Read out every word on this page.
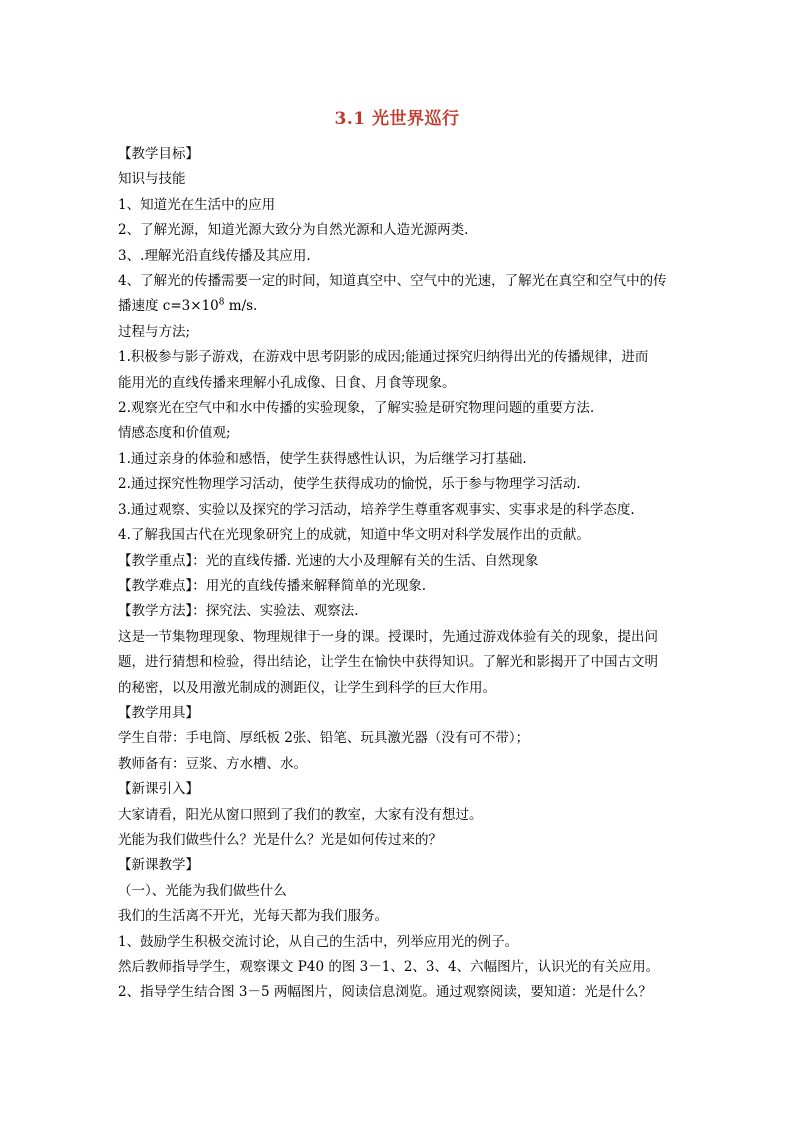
3.1 光世界巡行
【教学目标】
知识与技能
1、知道光在生活中的应用
2、了解光源，知道光源大致分为自然光源和人造光源两类.
3、.理解光沿直线传播及其应用.
4、了解光的传播需要一定的时间，知道真空中、空气中的光速，了解光在真空和空气中的传
播速度 $c=3\times 10^8$ m/s.
过程与方法;
1.积极参与影子游戏，在游戏中思考阴影的成因;能通过探究归纳得出光的传播规律，进而
能用光的直线传播来理解小孔成像、日食、月食等现象。
2.观察光在空气中和水中传播的实验现象，了解实验是研究物理问题的重要方法.
情感态度和价值观;
1.通过亲身的体验和感悟，使学生获得感性认识，为后继学习打基础.
2.通过探究性物理学习活动，使学生获得成功的愉悦，乐于参与物理学习活动.
3.通过观察、实验以及探究的学习活动，培养学生尊重客观事实、实事求是的科学态度.
4.了解我国古代在光现象研究上的成就，知道中华文明对科学发展作出的贡献。
【教学重点】：光的直线传播. 光速的大小及理解有关的生活、自然现象
【教学难点】：用光的直线传播来解释简单的光现象.
【教学方法】：探究法、实验法、观察法.
这是一节集物理现象、物理规律于一身的课。授课时，先通过游戏体验有关的现象，提出问
题，进行猜想和检验，得出结论，让学生在愉快中获得知识。了解光和影揭开了中国古文明
的秘密，以及用激光制成的测距仪，让学生到科学的巨大作用。
【教学用具】
学生自带：手电筒、厚纸板 2张、铅笔、玩具激光器（没有可不带）；
教师备有：豆浆、方水槽、水。
【新课引入】
大家请看，阳光从窗口照到了我们的教室，大家有没有想过。
光能为我们做些什么？光是什么？光是如何传过来的？
【新课教学】
（一）、光能为我们做些什么
我们的生活离不开光，光每天都为我们服务。
1、鼓励学生积极交流讨论，从自己的生活中，列举应用光的例子。
然后教师指导学生，观察课文 P40 的图 3－1、2、3、4、六幅图片，认识光的有关应用。
2、指导学生结合图 3－5 两幅图片，阅读信息浏览。通过观察阅读，要知道：光是什么？
